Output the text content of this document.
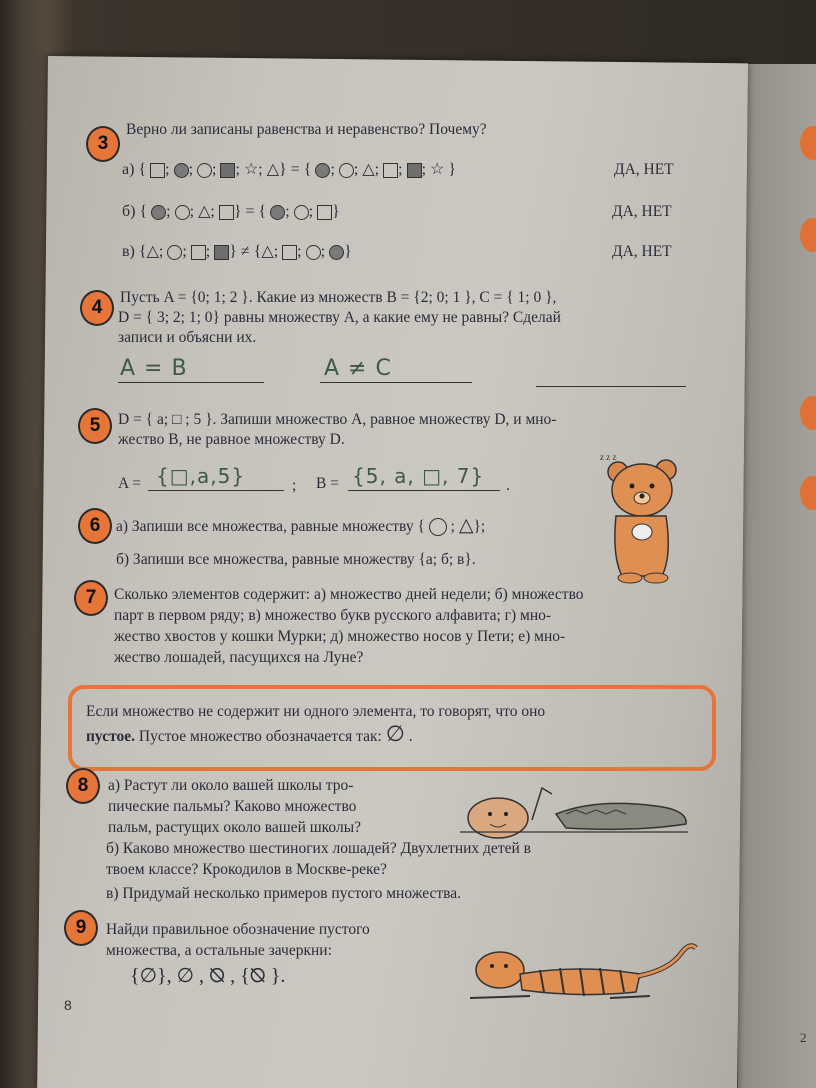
2
3
Верно ли записаны равенства и неравенство? Почему?
а) { ; ; ; ; ☆; △} = { ; ; △; ; ; ☆ }	ДА, НЕТ
б) { ; ; △; } = { ; ; }	ДА, НЕТ
в) {△; ; ; } ≠ {△; ; ; }	ДА, НЕТ
4	Пусть A = {0; 1; 2 }. Какие из множеств B = {2; 0; 1 }, C = { 1; 0 },
D = { 3; 2; 1; 0} равны множеству A, а какие ему не равны? Сделай
записи и объясни их.
A = B	A ≠ C
5	D = { a; □ ; 5 }. Запиши множество A, равное множеству D, и мно-
жество B, не равное множеству D.
A = {□,a,5}	; B = {5, a, □, 7} .
z z z
6	а) Запиши все множества, равные множеству {  ; △};
б) Запиши все множества, равные множеству {а; б; в}.
7	Сколько элементов содержит: а) множество дней недели; б) множество
парт в первом ряду; в) множество букв русского алфавита; г) мно-
жество хвостов у кошки Мурки; д) множество носов у Пети; е) мно-
жество лошадей, пасущихся на Луне?
Если множество не содержит ни одного элемента, то говорят, что оно
пустое. Пустое множество обозначается так: ∅ .
8	а) Растут ли около вашей школы тро-
пические пальмы? Каково множество
пальм, растущих около вашей школы?
б) Каково множество шестиногих лошадей? Двухлетних детей в
твоем классе? Крокодилов в Москве-реке?
в) Придумай несколько примеров пустого множества.
9	Найди правильное обозначение пустого
множества, а остальные зачеркни:
{∅}, ∅ , ⦰ , {⦰ }.
8
